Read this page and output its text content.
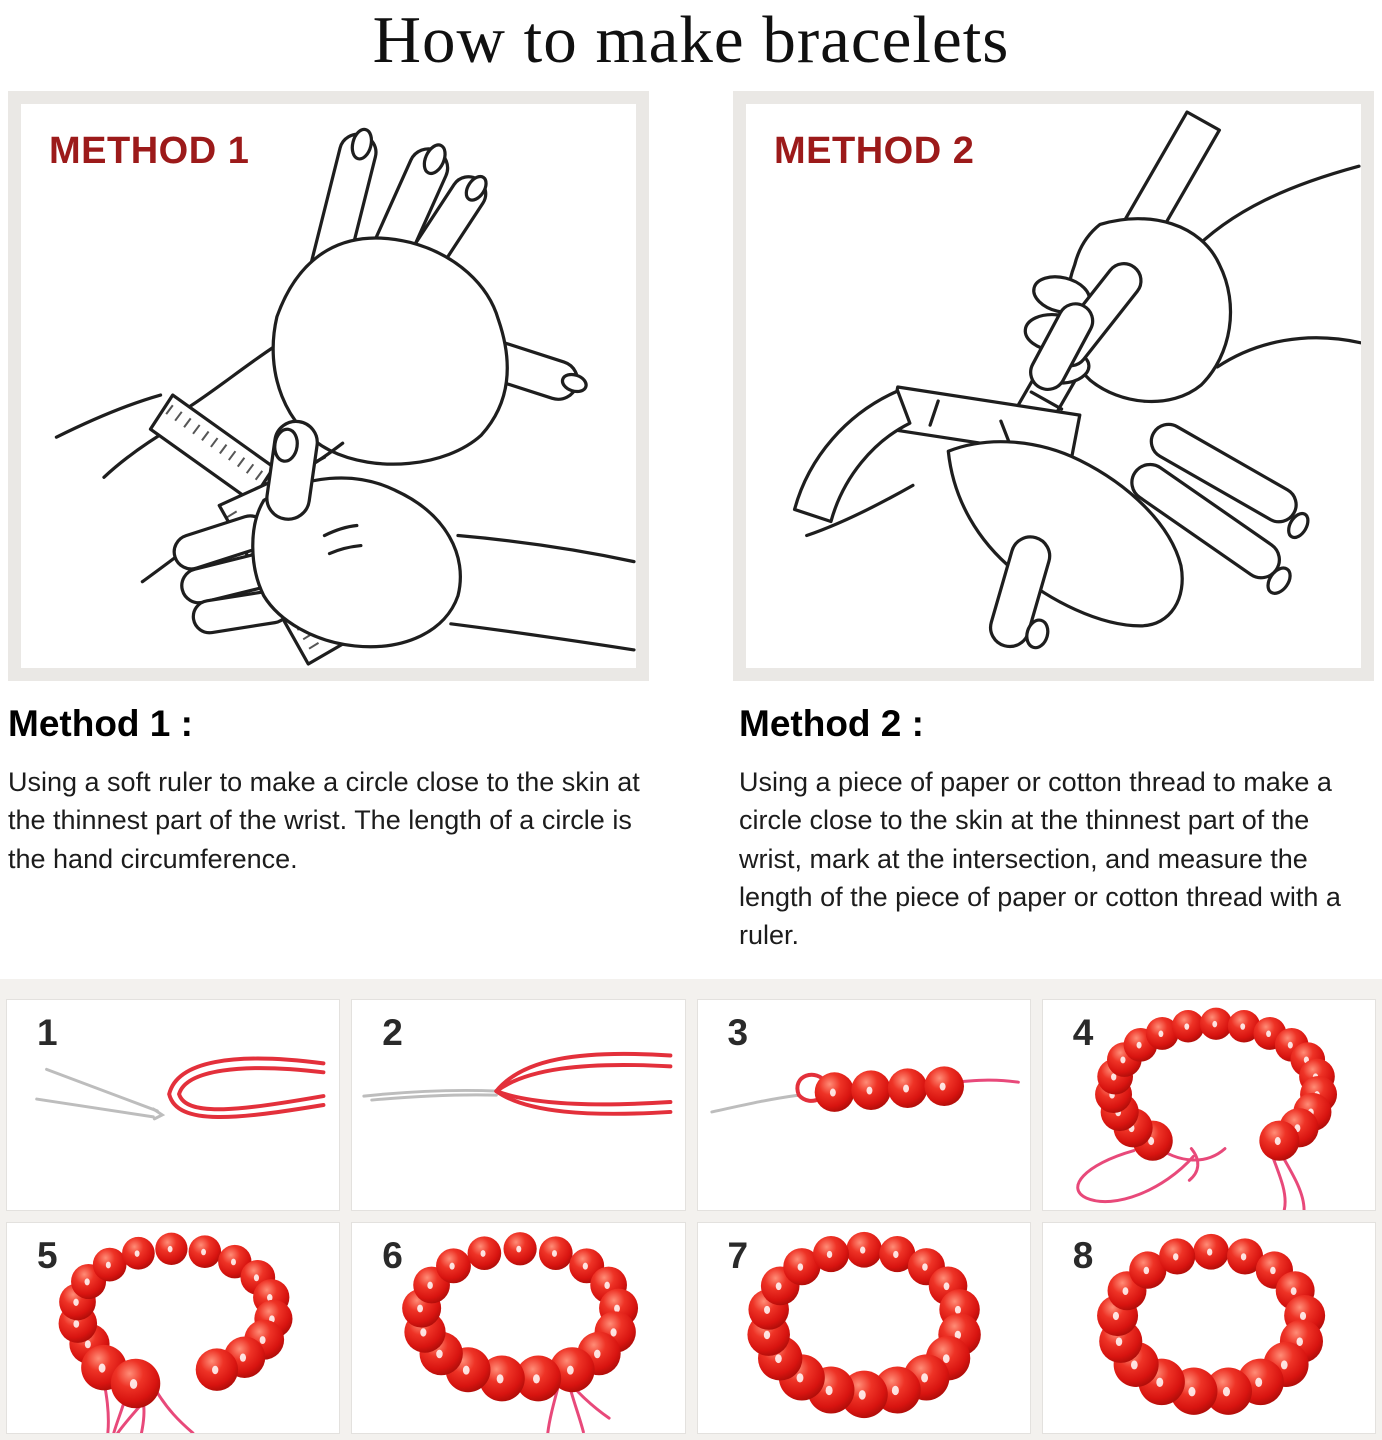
How to make bracelets
METHOD 1	METHOD 2
Method 1 :

Using a soft ruler to make a circle close to the skin at the thinnest part of the wrist. The length of a circle is the hand circumference.

Method 2 :

Using a piece of paper or cotton thread to make a circle close to the skin at the thinnest part of the wrist, mark at the intersection, and measure the length of the piece of paper or cotton thread with a ruler.

1	2	3	4
5	6	7	8
